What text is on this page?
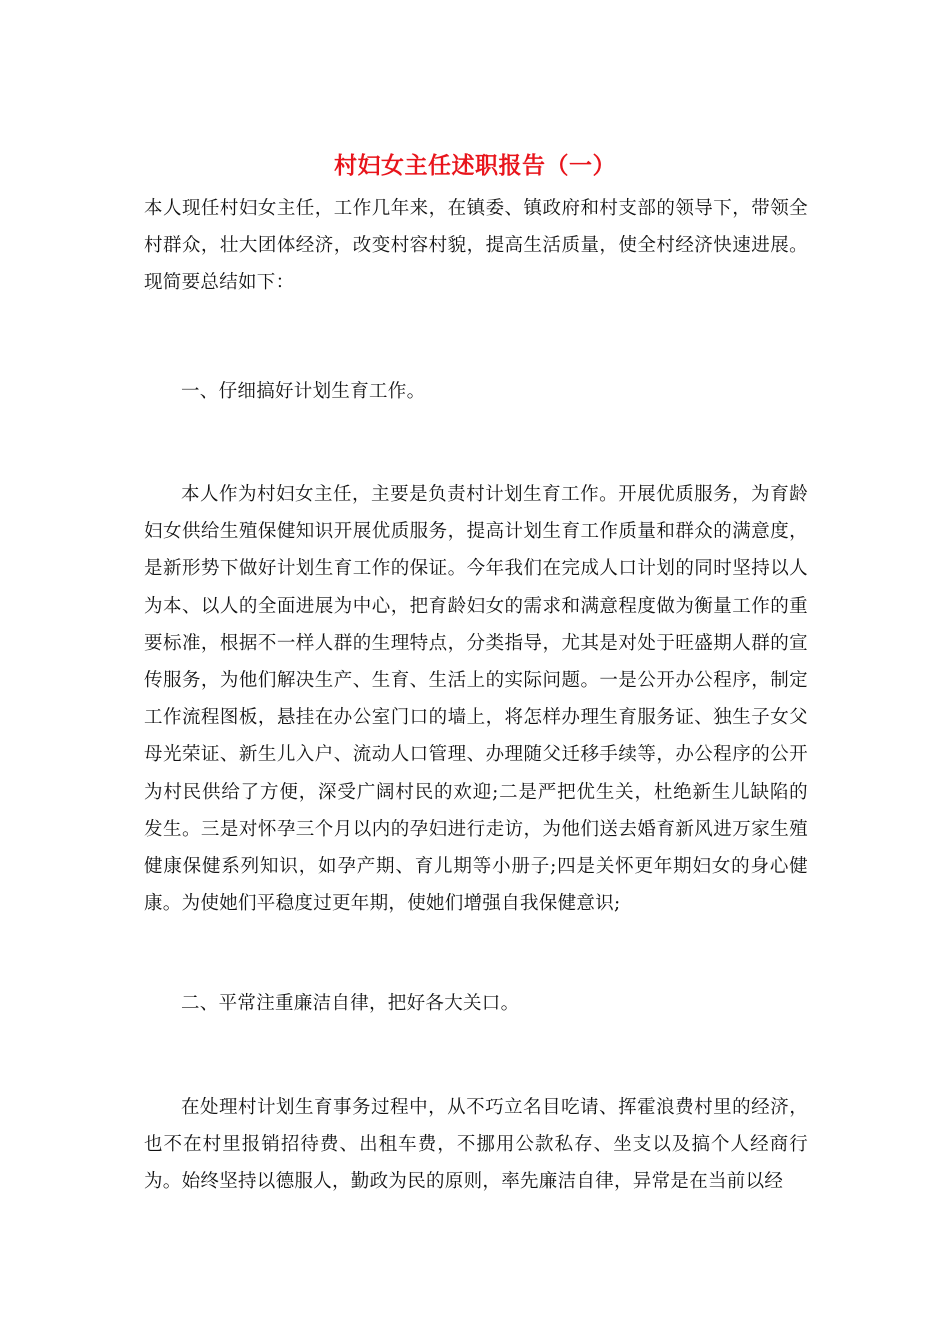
村妇女主任述职报告（一）

本人现任村妇女主任，工作几年来，在镇委、镇政府和村支部的领导下，带领全村群众，壮大团体经济，改变村容村貌，提高生活质量，使全村经济快速进展。现简要总结如下：

一、仔细搞好计划生育工作。

本人作为村妇女主任，主要是负责村计划生育工作。开展优质服务，为育龄妇女供给生殖保健知识开展优质服务，提高计划生育工作质量和群众的满意度，是新形势下做好计划生育工作的保证。今年我们在完成人口计划的同时坚持以人为本、以人的全面进展为中心，把育龄妇女的需求和满意程度做为衡量工作的重要标准，根据不一样人群的生理特点，分类指导，尤其是对处于旺盛期人群的宣传服务，为他们解决生产、生育、生活上的实际问题。一是公开办公程序，制定工作流程图板，悬挂在办公室门口的墙上，将怎样办理生育服务证、独生子女父母光荣证、新生儿入户、流动人口管理、办理随父迁移手续等，办公程序的公开为村民供给了方便，深受广阔村民的欢迎;二是严把优生关，杜绝新生儿缺陷的发生。三是对怀孕三个月以内的孕妇进行走访，为他们送去婚育新风进万家生殖健康保健系列知识，如孕产期、育儿期等小册子;四是关怀更年期妇女的身心健康。为使她们平稳度过更年期，使她们增强自我保健意识;

二、平常注重廉洁自律，把好各大关口。

在处理村计划生育事务过程中，从不巧立名目吃请、挥霍浪费村里的经济，也不在村里报销招待费、出租车费，不挪用公款私存、坐支以及搞个人经商行为。始终坚持以德服人，勤政为民的原则，率先廉洁自律，异常是在当前以经
